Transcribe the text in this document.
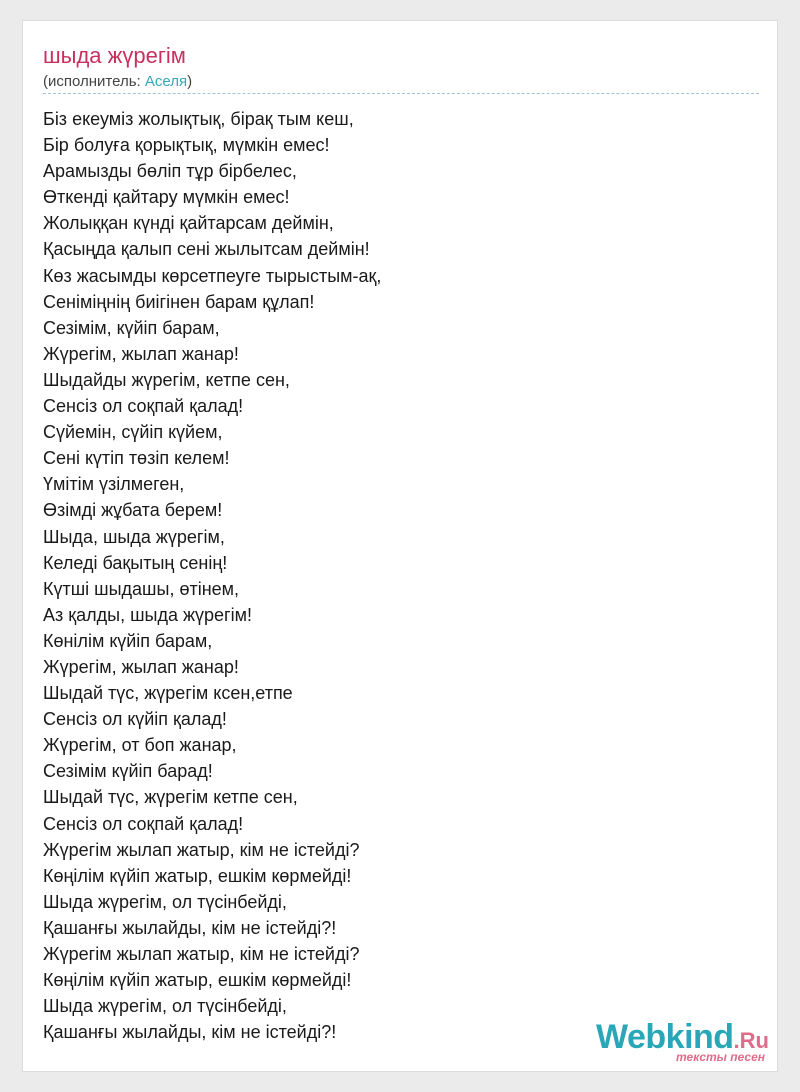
шыда жүрегім
(исполнитель: Аселя)
Біз екеуміз жолықтық, бірақ тым кеш,
Бір болуға қорықтық, мүмкін емес!
Арамызды бөліп тұр бірбелес,
Өткенді қайтару мүмкін емес!
Жолыққан күнді қайтарсам деймін,
Қасыңда қалып сені жылытсам деймін!
Көз жасымды көрсетпеуге тырыстым-ақ,
Сеніміңнің биігінен барам құлап!
Сезімім, күйіп барам,
Жүрегім, жылап жанар!
Шыдайды жүрегім, кетпе сен,
Сенсіз ол соқпай қалад!
Сүйемін, сүйіп күйем,
Сені күтіп төзіп келем!
Үмітім үзілмеген,
Өзімді жұбата берем!
Шыда, шыда жүрегім,
Келеді бақытың сенің!
Күтші шыдашы, өтінем,
Аз қалды, шыда жүрегім!
Көнілім күйіп барам,
Жүрегім, жылап жанар!
Шыдай түс, жүрегім ксен,етпе
Сенсіз ол күйіп қалад!
Жүрегім, от боп жанар,
Сезімім күйіп барад!
Шыдай түс, жүрегім кетпе сен,
Сенсіз ол соқпай қалад!
Жүрегім жылап жатыр, кім не істейді?
Көңілім күйіп жатыр, ешкім көрмейді!
Шыда жүрегім, ол түсінбейді,
Қашанғы жылайды, кім не істейді?!
Жүрегім жылап жатыр, кім не істейді?
Көңілім күйіп жатыр, ешкім көрмейді!
Шыда жүрегім, ол түсінбейді,
Қашанғы жылайды, кім не істейді?!	Webkind.Ru
тексты песен
